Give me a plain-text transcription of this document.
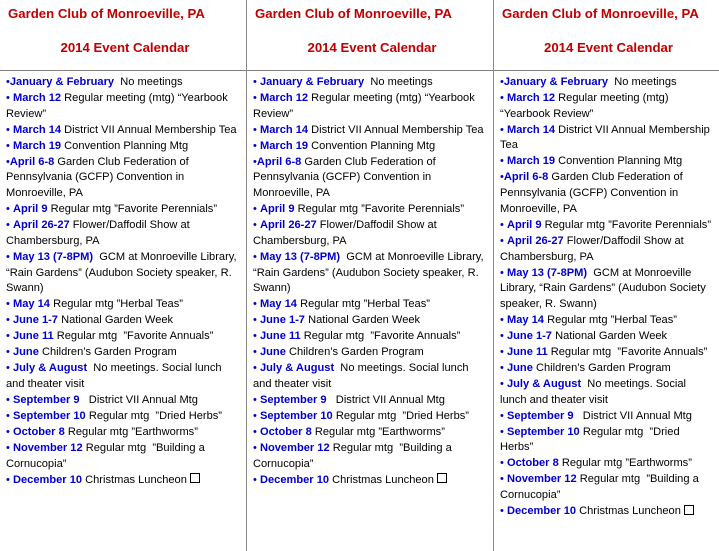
Garden Club of Monroeville, PA
2014 Event Calendar
•January & February  No meetings
• March 12 Regular meeting (mtg) “Yearbook Review”
• March 14 District VII Annual Membership Tea
• March 19 Convention Planning Mtg
•April 6-8 Garden Club Federation of Pennsylvania (GCFP) Convention in Monroeville, PA
• April 9 Regular mtg ”Favorite Perennials”
• April 26-27 Flower/Daffodil Show at Chambersburg, PA
• May 13 (7-8PM)  GCM at Monroeville Library, “Rain Gardens” (Audubon Society speaker, R. Swann)
• May 14 Regular mtg ”Herbal Teas”
• June 1-7 National Garden Week
• June 11 Regular mtg  ”Favorite Annuals”
• June Children’s Garden Program
• July & August  No meetings. Social lunch and theater visit
• September 9   District VII Annual Mtg
• September 10 Regular mtg  ”Dried Herbs”
• October 8 Regular mtg ”Earthworms”
• November 12 Regular mtg  ”Building a Cornucopia”
• December 10 Christmas Luncheon
Garden Club of Monroeville, PA
2014 Event Calendar
• January & February  No meetings
• March 12 Regular meeting (mtg) “Yearbook Review”
• March 14 District VII Annual Membership Tea
• March 19 Convention Planning Mtg
•April 6-8 Garden Club Federation of Pennsylvania (GCFP) Convention in Monroeville, PA
• April 9 Regular mtg ”Favorite Perennials”
• April 26-27 Flower/Daffodil Show at Chambersburg, PA
• May 13 (7-8PM)  GCM at Monroeville Library, “Rain Gardens” (Audubon Society speaker, R. Swann)
• May 14 Regular mtg ”Herbal Teas”
• June 1-7 National Garden Week
• June 11 Regular mtg  ”Favorite Annuals”
• June Children’s Garden Program
• July & August  No meetings. Social lunch and theater visit
• September 9   District VII Annual Mtg
• September 10 Regular mtg  ”Dried Herbs”
• October 8 Regular mtg ”Earthworms”
• November 12 Regular mtg  ”Building a Cornucopia”
• December 10 Christmas Luncheon
Garden Club of Monroeville, PA
2014 Event Calendar
•January & February  No meetings
• March 12 Regular meeting (mtg) “Yearbook Review”
• March 14 District VII Annual Membership Tea
• March 19 Convention Planning Mtg
•April 6-8 Garden Club Federation of Pennsylvania (GCFP) Convention in Monroeville, PA
• April 9 Regular mtg ”Favorite Perennials”
• April 26-27 Flower/Daffodil Show at Chambersburg, PA
• May 13 (7-8PM)  GCM at Monroeville Library, “Rain Gardens” (Audubon Society speaker, R. Swann)
• May 14 Regular mtg ”Herbal Teas”
• June 1-7 National Garden Week
• June 11 Regular mtg  ”Favorite Annuals”
• June Children’s Garden Program
• July & August  No meetings. Social lunch and theater visit
• September 9   District VII Annual Mtg
• September 10 Regular mtg  ”Dried Herbs”
• October 8 Regular mtg ”Earthworms”
• November 12 Regular mtg  ”Building a Cornucopia”
• December 10 Christmas Luncheon
